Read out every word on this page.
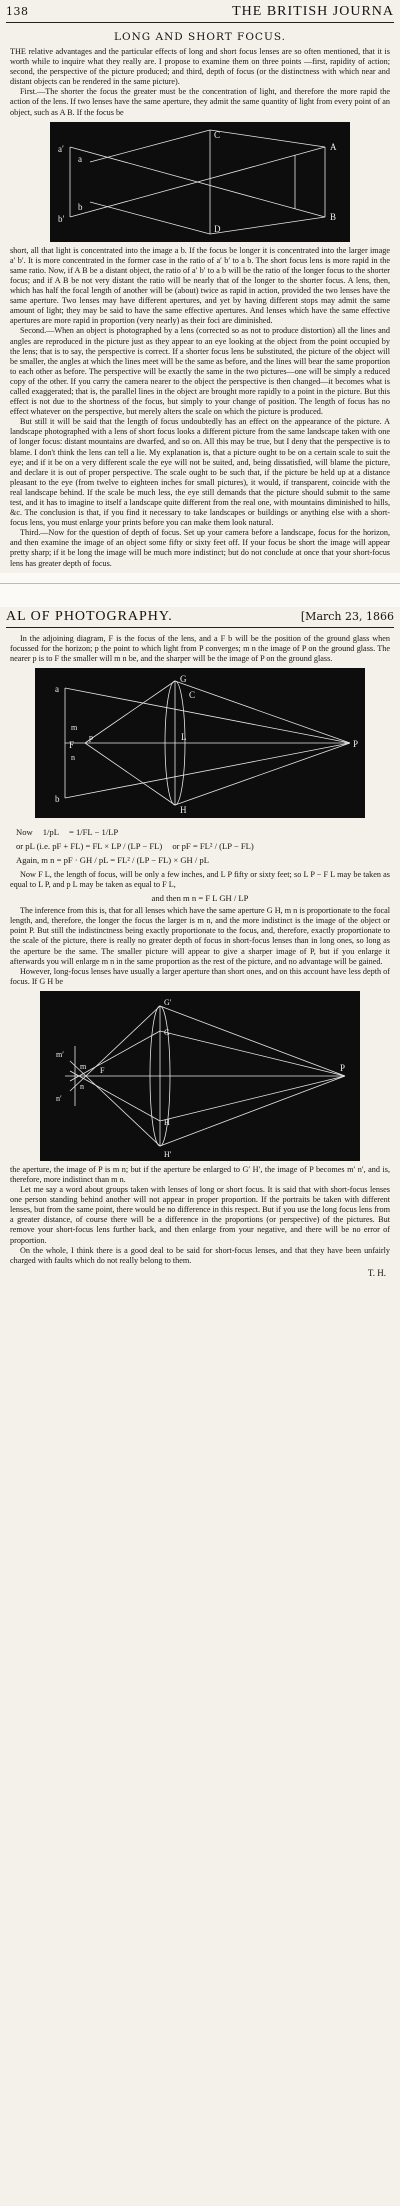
138	THE BRITISH JOURNA
LONG AND SHORT FOCUS.

THE relative advantages and the particular effects of long and short focus lenses are so often mentioned, that it is worth while to inquire what they really are. I propose to examine them on three points —first, rapidity of action; second, the perspective of the picture produced; and third, depth of focus (or the distinctness with which near and distant objects can be rendered in the same picture).

First.—The shorter the focus the greater must be the concentration of light, and therefore the more rapid the action of the lens. If two lenses have the same aperture, they admit the same quantity of light from every point of an object, such as A B. If the focus be

a
b
C
D
A
B
a′
b′

short, all that light is concentrated into the image a b. If the focus be longer it is concentrated into the larger image a′ b′. It is more concentrated in the former case in the ratio of a′ b′ to a b. The short focus lens is more rapid in the same ratio. Now, if A B be a distant object, the ratio of a′ b′ to a b will be the ratio of the longer focus to the shorter focus; and if A B be not very distant the ratio will be nearly that of the longer to the shorter focus. A lens, then, which has half the focal length of another will be (about) twice as rapid in action, provided the two lenses have the same aperture. Two lenses may have different apertures, and yet by having different stops may admit the same amount of light; they may be said to have the same effective apertures. And lenses which have the same effective apertures are more rapid in proportion (very nearly) as their foci are diminished.

Second.—When an object is photographed by a lens (corrected so as not to produce distortion) all the lines and angles are reproduced in the picture just as they appear to an eye looking at the object from the point occupied by the lens; that is to say, the perspective is correct. If a shorter focus lens be substituted, the picture of the object will be smaller, the angles at which the lines meet will be the same as before, and the lines will bear the same proportion to each other as before. The perspective will be exactly the same in the two pictures—one will be simply a reduced copy of the other. If you carry the camera nearer to the object the perspective is then changed—it becomes what is called exaggerated; that is, the parallel lines in the object are brought more rapidly to a point in the picture. But this effect is not due to the shortness of the focus, but simply to your change of position. The length of focus has no effect whatever on the perspective, but merely alters the scale on which the picture is produced.

But still it will be said that the length of focus undoubtedly has an effect on the appearance of the picture. A landscape photographed with a lens of short focus looks a different picture from the same landscape taken with one of longer focus: distant mountains are dwarfed, and so on. All this may be true, but I deny that the perspective is to blame. I don't think the lens can tell a lie. My explanation is, that a picture ought to be on a certain scale to suit the eye; and if it be on a very different scale the eye will not be suited, and, being dissatisfied, will blame the picture, and declare it is out of proper perspective. The scale ought to be such that, if the picture be held up at a distance pleasant to the eye (from twelve to eighteen inches for small pictures), it would, if transparent, coincide with the real landscape behind. If the scale be much less, the eye still demands that the picture should submit to the same test, and it has to imagine to itself a landscape quite different from the real one, with mountains diminished to hills, &c. The conclusion is that, if you find it necessary to take landscapes or buildings or anything else with a short-focus lens, you must enlarge your prints before you can make them look natural.

Third.—Now for the question of depth of focus. Set up your camera before a landscape, focus for the horizon, and then examine the image of an object some fifty or sixty feet off. If your focus be short the image will appear pretty sharp; if it be long the image will be much more indistinct; but do not conclude at once that your short-focus lens has greater depth of focus.

AL OF PHOTOGRAPHY.	[March 23, 1866

In the adjoining diagram, F is the focus of the lens, and a F b will be the position of the ground glass when focussed for the horizon; p the point to which light from P converges; m n the image of P on the ground glass. The nearer p is to F the smaller will m n be, and the sharper will be the image of P on the ground glass.

a
b
m
n
F
p
P
G
H
C
L
Now 1/pL = 1/FL − 1/LP
or pL (i.e. pF + FL) = FL × LP / (LP − FL) or pF = FL² / (LP − FL)
Again, m n = pF · GH / pL = FL² / (LP − FL) × GH / pL

Now F L, the length of focus, will be only a few inches, and L P fifty or sixty feet; so L P − F L may be taken as equal to L P, and p L may be taken as equal to F L,

and then m n = F L GH / LP

The inference from this is, that for all lenses which have the same aperture G H, m n is proportionate to the focal length, and, therefore, the longer the focus the larger is m n, and the more indistinct is the image of the object or point P. But still the indistinctness being exactly proportionate to the focus, and, therefore, exactly proportionate to the scale of the picture, there is really no greater depth of focus in short-focus lenses than in long ones, so long as the aperture be the same. The smaller picture will appear to give a sharper image of P, but if you enlarge it afterwards you will enlarge m n in the same proportion as the rest of the picture, and no advantage will be gained.

However, long-focus lenses have usually a larger aperture than short ones, and on this account have less depth of focus. If G H be

G
H
G′
H′
m
n
m′
n′
F	P

the aperture, the image of P is m n; but if the aperture be enlarged to G′ H′, the image of P becomes m′ n′, and is, therefore, more indistinct than m n.

Let me say a word about groups taken with lenses of long or short focus. It is said that with short-focus lenses one person standing behind another will not appear in proper proportion. If the portraits be taken with different lenses, but from the same point, there would be no difference in this respect. But if you use the long focus lens from a greater distance, of course there will be a difference in the proportions (or perspective) of the pictures. But remove your short-focus lens further back, and then enlarge from your negative, and there will be no error of proportion.

On the whole, I think there is a good deal to be said for short-focus lenses, and that they have been unfairly charged with faults which do not really belong to them.

T. H.
